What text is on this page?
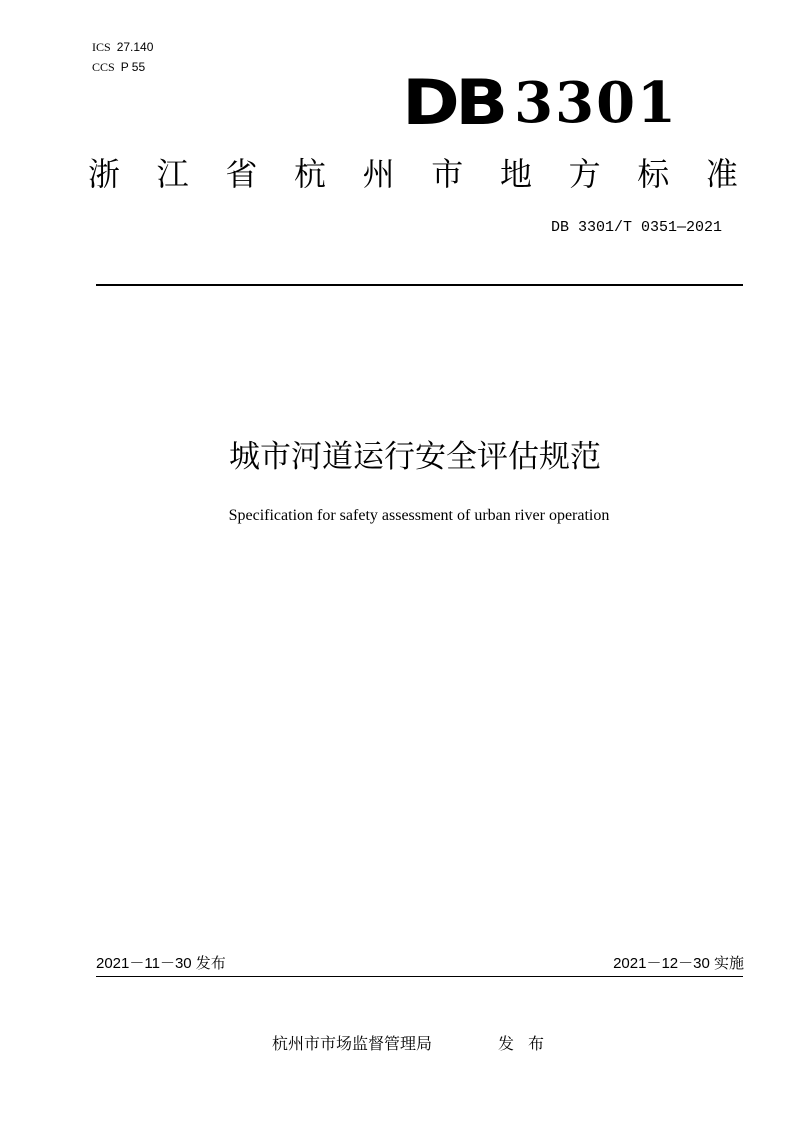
ICS 27.140
CCS P 55	DB 3301
浙 江 省 杭 州 市 地 方 标 准
DB 3301/T 0351—2021
城市河道运行安全评估规范
Specification for safety assessment of urban river operation
2021－11－30 发布	2021－12－30 实施
杭州市市场监督管理局	发布
